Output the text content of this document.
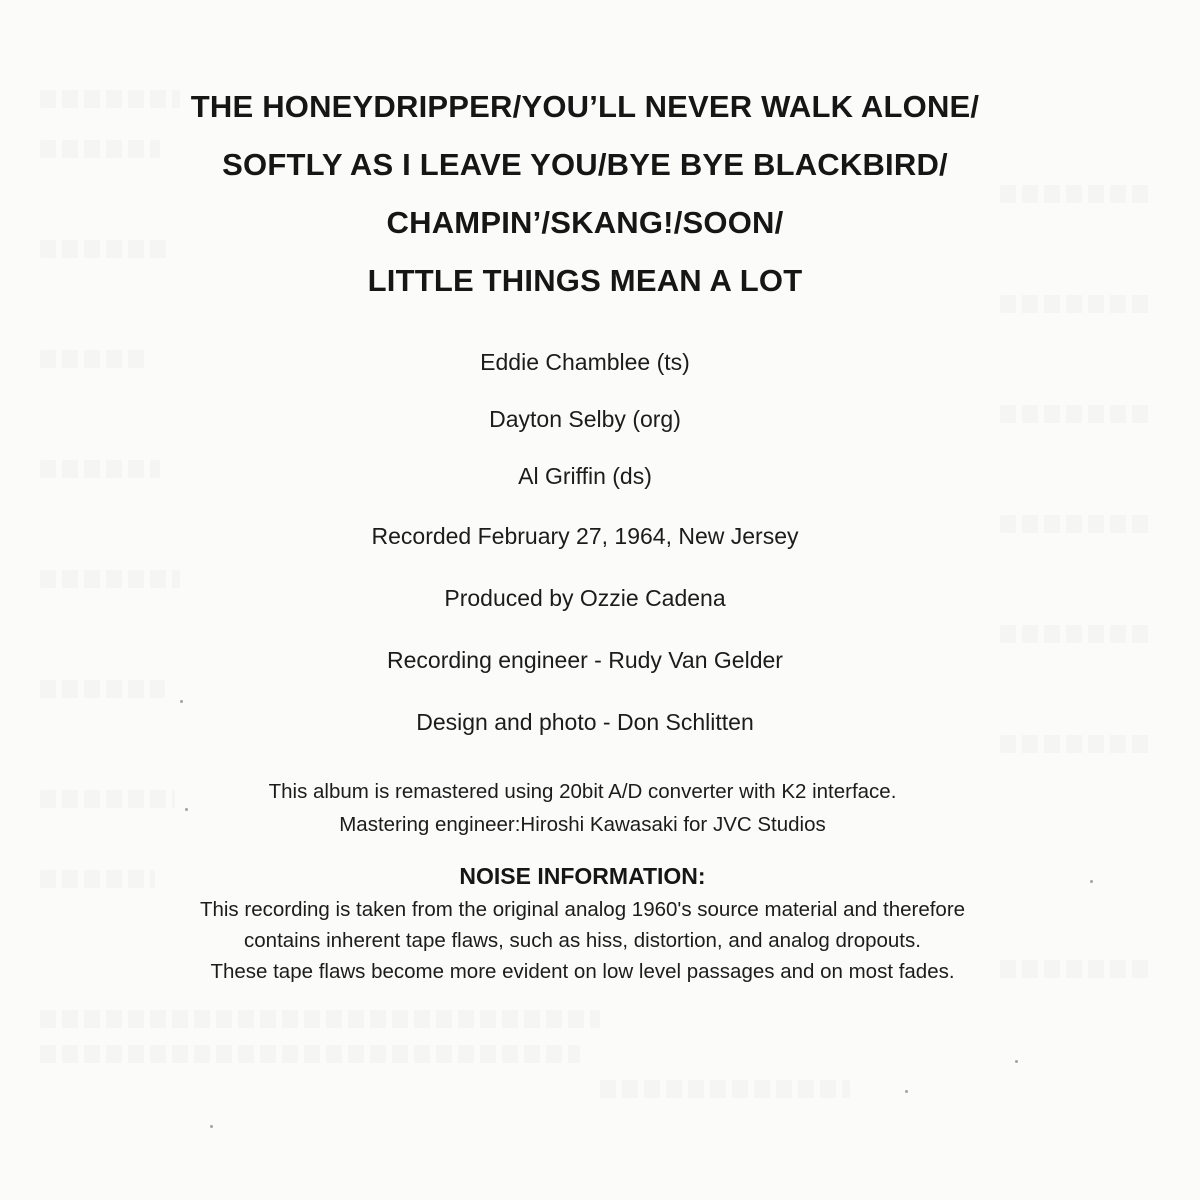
THE HONEYDRIPPER/YOU’LL NEVER WALK ALONE/
SOFTLY AS I LEAVE YOU/BYE BYE BLACKBIRD/
CHAMPIN’/SKANG!/SOON/
LITTLE THINGS MEAN A LOT
Eddie Chamblee (ts)
Dayton Selby (org)
Al Griffin (ds)
Recorded February 27, 1964, New Jersey
Produced by Ozzie Cadena
Recording engineer - Rudy Van Gelder
Design and photo - Don Schlitten
This album is remastered using 20bit A/D converter with K2 interface.
Mastering engineer:Hiroshi Kawasaki for JVC Studios
NOISE INFORMATION:
This recording is taken from the original analog 1960's source material and therefore
contains inherent tape flaws, such as hiss, distortion, and analog dropouts.
These tape flaws become more evident on low level passages and on most fades.
